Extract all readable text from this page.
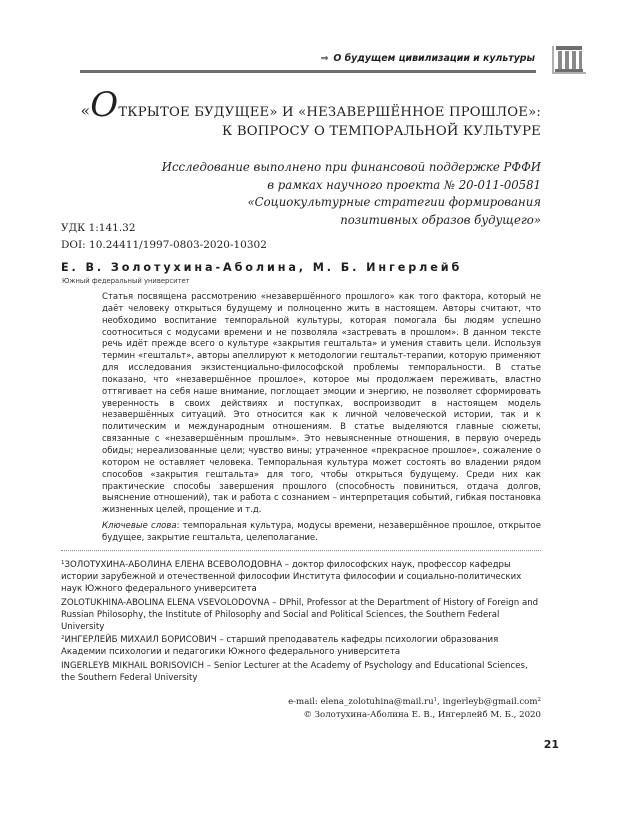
⇒ О будущем цивилизации и культуры
«ОТКРЫТОЕ БУДУЩЕЕ» И «НЕЗАВЕРШЁННОЕ ПРОШЛОЕ»:
К ВОПРОСУ О ТЕМПОРАЛЬНОЙ КУЛЬТУРЕ
Исследование выполнено при финансовой поддержке РФФИ
в рамках научного проекта № 20-011-00581
«Социокультурные стратегии формирования
позитивных образов будущего»
УДК 1:141.32
DOI: 10.24411/1997-0803-2020-10302
Е. В. Золотухина-Аболина, М. Б. Ингерлейб
Южный федеральный университет

Статья посвящена рассмотрению «незавершённого прошлого» как того фактора, который не даёт человеку открыться будущему и полноценно жить в настоящем. Авторы считают, что необходимо воспитание темпоральной культуры, которая помогала бы людям успешно соотноситься с модусами времени и не позволяла «застревать в прошлом». В данном тексте речь идёт прежде всего о культуре «закрытия гештальта» и умения ставить цели. Используя термин «гештальт», авторы апеллируют к методологии гештальт-терапии, которую применяют для исследования экзистенциально-философской проблемы темпоральности. В статье показано, что «незавершённое прошлое», которое мы продолжаем переживать, властно оттягивает на себя наше внимание, поглощает эмоции и энергию, не позволяет сформировать уверенность в своих действиях и поступках, воспроизводит в настоящем модель незавершённых ситуаций. Это относится как к личной человеческой истории, так и к политическим и международным отношениям. В статье выделяются главные сюжеты, связанные с «незавершённым прошлым». Это невыясненные отношения, в первую очередь обиды; нереализованные цели; чувство вины; утраченное «прекрасное прошлое», сожаление о котором не оставляет человека. Темпоральная культура может состоять во владении рядом способов «закрытия гештальта» для того, чтобы открыться будущему. Среди них как практические способы завершения прошлого (способность повиниться, отдача долгов, выяснение отношений), так и работа с сознанием – интерпретация событий, гибкая постановка жизненных целей, прощение и т.д.

Ключевые слова: темпоральная культура, модусы времени, незавершённое прошлое, открытое будущее, закрытие гештальта, целеполагание.

$^1$ЗОЛОТУХИНА-АБОЛИНА ЕЛЕНА ВСЕВОЛОДОВНА – доктор философских наук, профессор кафедры истории зарубежной и отечественной философии Института философии и социально-политических наук Южного федерального университета

ZOLOTUKHINA-ABOLINA ELENA VSEVOLODOVNA – DPhil, Professor at the Department of History of Foreign and Russian Philosophy, the Institute of Philosophy and Social and Political Sciences, the Southern Federal University

$^2$ИНГЕРЛЕЙБ МИХАИЛ БОРИСОВИЧ – старший преподаватель кафедры психологии образования Академии психологии и педагогики Южного федерального университета

INGERLEYB MIKHAIL BORISOVICH – Senior Lecturer at the Academy of Psychology and Educational Sciences, the Southern Federal University

e-mail: $elena\_zolotuhina@mail.ru^1$, ingerleyb@gmail.com$^2$
© Золотухина-Аболина Е. В., Ингерлейб М. Б., 2020
21
